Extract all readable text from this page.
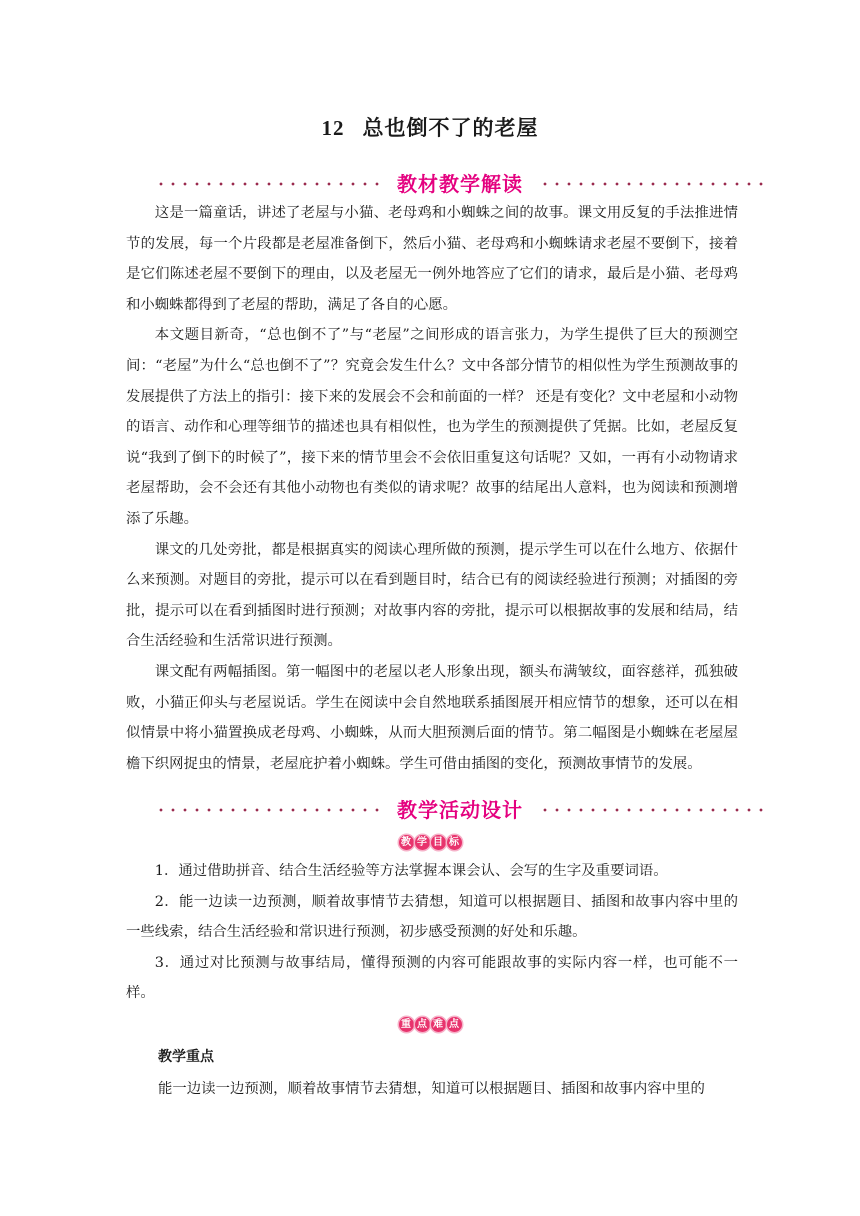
12 总也倒不了的老屋
教材教学解读

这是一篇童话，讲述了老屋与小猫、老母鸡和小蜘蛛之间的故事。课文用反复的手法推进情节的发展，每一个片段都是老屋准备倒下，然后小猫、老母鸡和小蜘蛛请求老屋不要倒下，接着是它们陈述老屋不要倒下的理由，以及老屋无一例外地答应了它们的请求，最后是小猫、老母鸡和小蜘蛛都得到了老屋的帮助，满足了各自的心愿。

本文题目新奇，“总也倒不了”与“老屋”之间形成的语言张力，为学生提供了巨大的预测空间：“老屋”为什么“总也倒不了”？究竟会发生什么？文中各部分情节的相似性为学生预测故事的发展提供了方法上的指引：接下来的发展会不会和前面的一样？ 还是有变化？文中老屋和小动物的语言、动作和心理等细节的描述也具有相似性，也为学生的预测提供了凭据。比如，老屋反复说“我到了倒下的时候了”，接下来的情节里会不会依旧重复这句话呢？又如，一再有小动物请求老屋帮助，会不会还有其他小动物也有类似的请求呢？故事的结尾出人意料，也为阅读和预测增添了乐趣。

课文的几处旁批，都是根据真实的阅读心理所做的预测，提示学生可以在什么地方、依据什么来预测。对题目的旁批，提示可以在看到题目时，结合已有的阅读经验进行预测；对插图的旁批，提示可以在看到插图时进行预测；对故事内容的旁批，提示可以根据故事的发展和结局，结合生活经验和生活常识进行预测。

课文配有两幅插图。第一幅图中的老屋以老人形象出现，额头布满皱纹，面容慈祥，孤独破败，小猫正仰头与老屋说话。学生在阅读中会自然地联系插图展开相应情节的想象，还可以在相似情景中将小猫置换成老母鸡、小蜘蛛，从而大胆预测后面的情节。第二幅图是小蜘蛛在老屋屋檐下织网捉虫的情景，老屋庇护着小蜘蛛。学生可借由插图的变化，预测故事情节的发展。

教学活动设计
教 学 目 标

1．通过借助拼音、结合生活经验等方法掌握本课会认、会写的生字及重要词语。

2．能一边读一边预测，顺着故事情节去猜想，知道可以根据题目、插图和故事内容中里的一些线索，结合生活经验和常识进行预测，初步感受预测的好处和乐趣。

3．通过对比预测与故事结局，懂得预测的内容可能跟故事的实际内容一样，也可能不一样。

重 点 难 点
教学重点

能一边读一边预测，顺着故事情节去猜想，知道可以根据题目、插图和故事内容中里的
